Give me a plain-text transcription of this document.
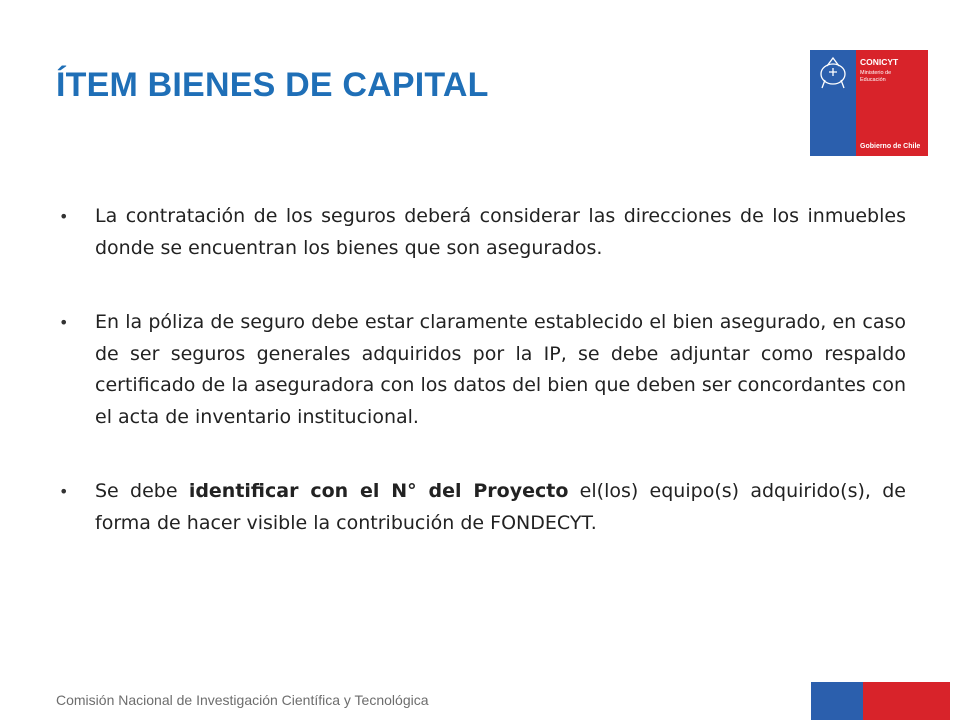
ÍTEM BIENES DE CAPITAL
CONICYT
Ministerio de
Educación
Gobierno de Chile
• La contratación de los seguros deberá considerar las direcciones de los inmuebles donde se encuentran los bienes que son asegurados.
• En la póliza de seguro debe estar claramente establecido el bien asegurado, en caso de ser seguros generales adquiridos por la IP, se debe adjuntar como respaldo certificado de la aseguradora con los datos del bien que deben ser concordantes con el acta de inventario institucional.
• Se debe identificar con el N° del Proyecto el(los) equipo(s) adquirido(s), de forma de hacer visible la contribución de FONDECYT.
Comisión Nacional de Investigación Científica y Tecnológica
